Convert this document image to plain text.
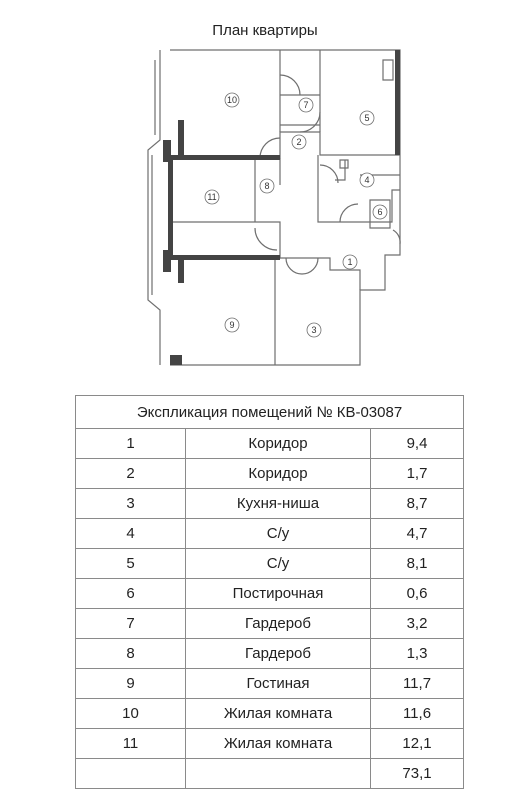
План квартиры
10	7
5
2
4
8
11
6
1
9	3
Экспликация помещений № КВ-03087		
1	Коридор	9,4
2	Коридор	1,7
3	Кухня-ниша	8,7
4	С/у	4,7
5	С/у	8,1
6	Постирочная	0,6
7	Гардероб	3,2
8	Гардероб	1,3
9	Гостиная	11,7
10	Жилая комната	11,6
11	Жилая комната	12,1
		73,1
